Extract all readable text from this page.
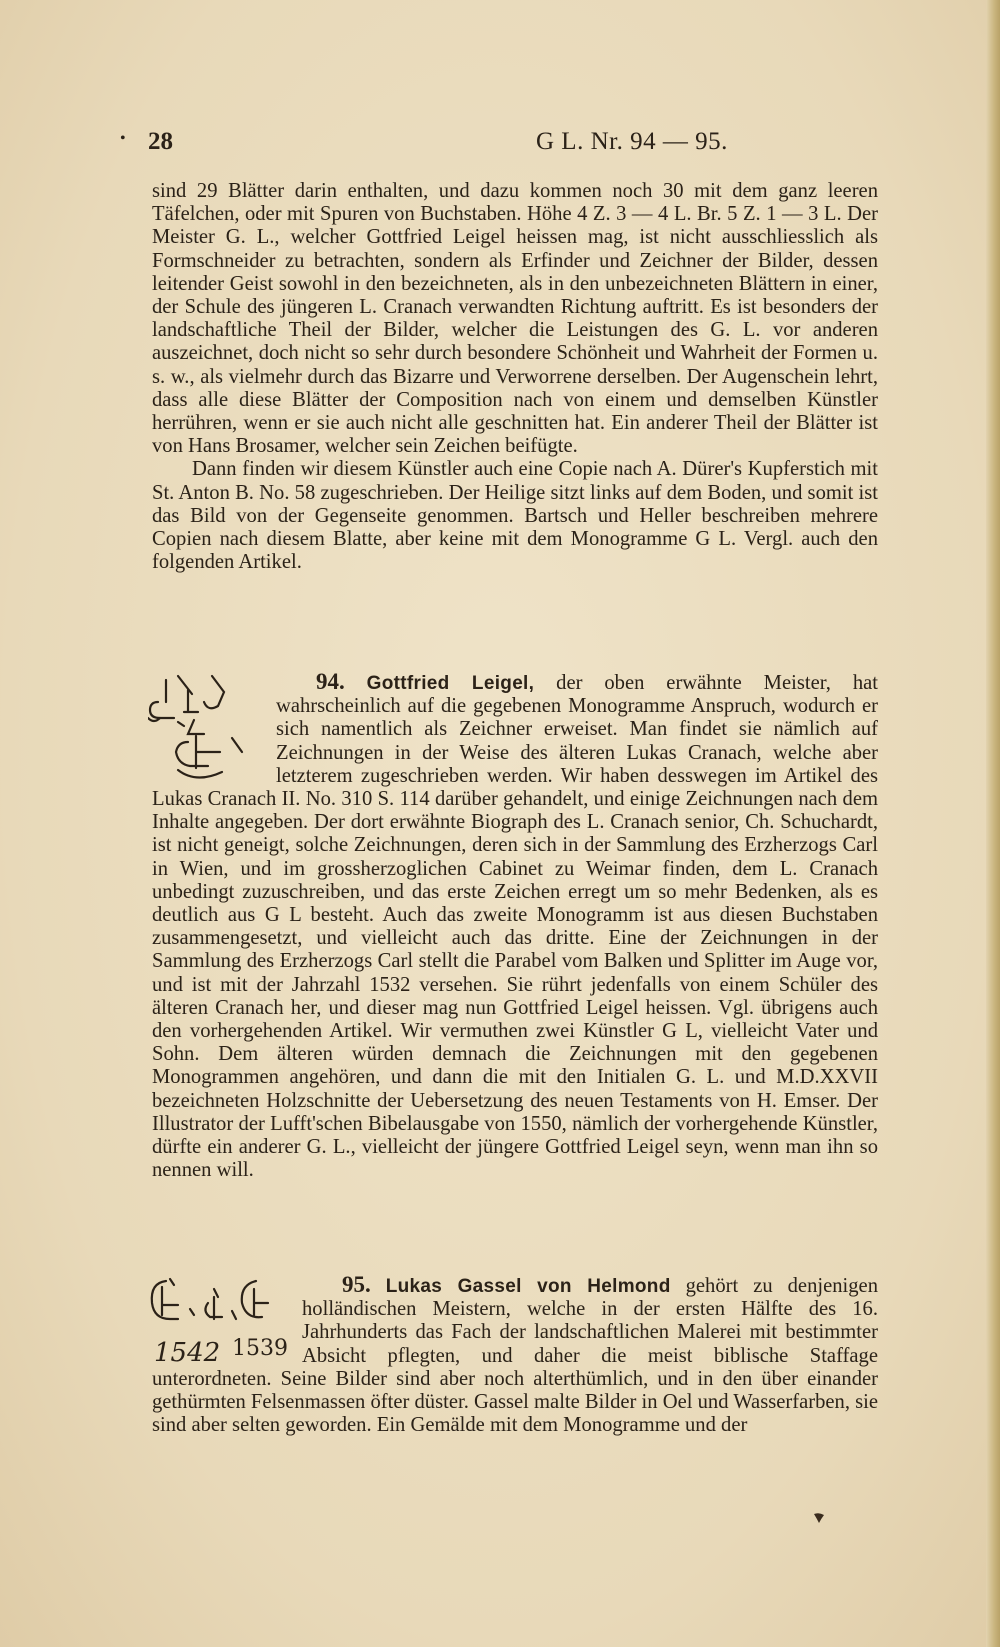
• 28	G L. Nr. 94 — 95.

sind 29 Blätter darin enthalten, und dazu kommen noch 30 mit dem ganz leeren Täfelchen, oder mit Spuren von Buchstaben. Höhe 4 Z. 3 — 4 L. Br. 5 Z. 1 — 3 L. Der Meister G. L., welcher Gottfried Leigel heissen mag, ist nicht ausschliesslich als Formschneider zu betrachten, sondern als Erfinder und Zeichner der Bilder, dessen leitender Geist sowohl in den bezeichneten, als in den unbezeichneten Blättern in einer, der Schule des jüngeren L. Cranach verwandten Richtung auftritt. Es ist besonders der landschaftliche Theil der Bilder, welcher die Leistungen des G. L. vor anderen auszeichnet, doch nicht so sehr durch besondere Schönheit und Wahrheit der Formen u. s. w., als vielmehr durch das Bizarre und Verworrene derselben. Der Augenschein lehrt, dass alle diese Blätter der Composition nach von einem und demselben Künstler herrühren, wenn er sie auch nicht alle geschnitten hat. Ein anderer Theil der Blätter ist von Hans Brosamer, welcher sein Zeichen beifügte.

Dann finden wir diesem Künstler auch eine Copie nach A. Dürer's Kupferstich mit St. Anton B. No. 58 zugeschrieben. Der Heilige sitzt links auf dem Boden, und somit ist das Bild von der Gegenseite genommen. Bartsch und Heller beschreiben mehrere Copien nach diesem Blatte, aber keine mit dem Monogramme G L. Vergl. auch den folgenden Artikel.

94. Gottfried Leigel,
der oben erwähnte Meister, hat wahrscheinlich auf die gegebenen Monogramme Anspruch, wodurch er sich namentlich als Zeichner erweiset. Man findet sie nämlich auf Zeichnungen in der Weise des älteren Lukas Cranach, welche aber letzterem zugeschrieben werden. Wir haben desswegen im Artikel des Lukas Cranach II. No. 310 S. 114 darüber gehandelt, und einige Zeichnungen nach dem Inhalte angegeben. Der dort erwähnte Biograph des L. Cranach senior, Ch. Schuchardt, ist nicht geneigt, solche Zeichnungen, deren sich in der Sammlung des Erzherzogs Carl in Wien, und im grossherzoglichen Cabinet zu Weimar finden, dem L. Cranach unbedingt zuzuschreiben, und das erste Zeichen erregt um so mehr Bedenken, als es deutlich aus G L besteht. Auch das zweite Monogramm ist aus diesen Buchstaben zusammengesetzt, und vielleicht auch das dritte. Eine der Zeichnungen in der Sammlung des Erzherzogs Carl stellt die Parabel vom Balken und Splitter im Auge vor, und ist mit der Jahrzahl 1532 versehen. Sie rührt jedenfalls von einem Schüler des älteren Cranach her, und dieser mag nun Gottfried Leigel heissen. Vgl. übrigens auch den vorhergehenden Artikel. Wir vermuthen zwei Künstler G L, vielleicht Vater und Sohn. Dem älteren würden demnach die Zeichnungen mit den gegebenen Monogrammen angehören, und dann die mit den Initialen G. L. und M.D.XXVII bezeichneten Holzschnitte der Uebersetzung des neuen Testaments von H. Emser. Der Illustrator der Lufft'schen Bibelausgabe von 1550, nämlich der vorhergehende Künstler, dürfte ein anderer G. L., vielleicht der jüngere Gottfried Leigel seyn, wenn man ihn so nennen will.
95. Lukas Gassel von Helmond
1542 1539
gehört zu denjenigen holländischen Meistern, welche in der ersten Hälfte des 16. Jahrhunderts das Fach der landschaftlichen Malerei mit bestimmter Absicht pflegten, und daher die meist biblische Staffage unterordneten. Seine Bilder sind aber noch alterthümlich, und in den über einander gethürmten Felsenmassen öfter düster. Gassel malte Bilder in Oel und Wasserfarben, sie sind aber selten geworden. Ein Gemälde mit dem Monogramme und der
